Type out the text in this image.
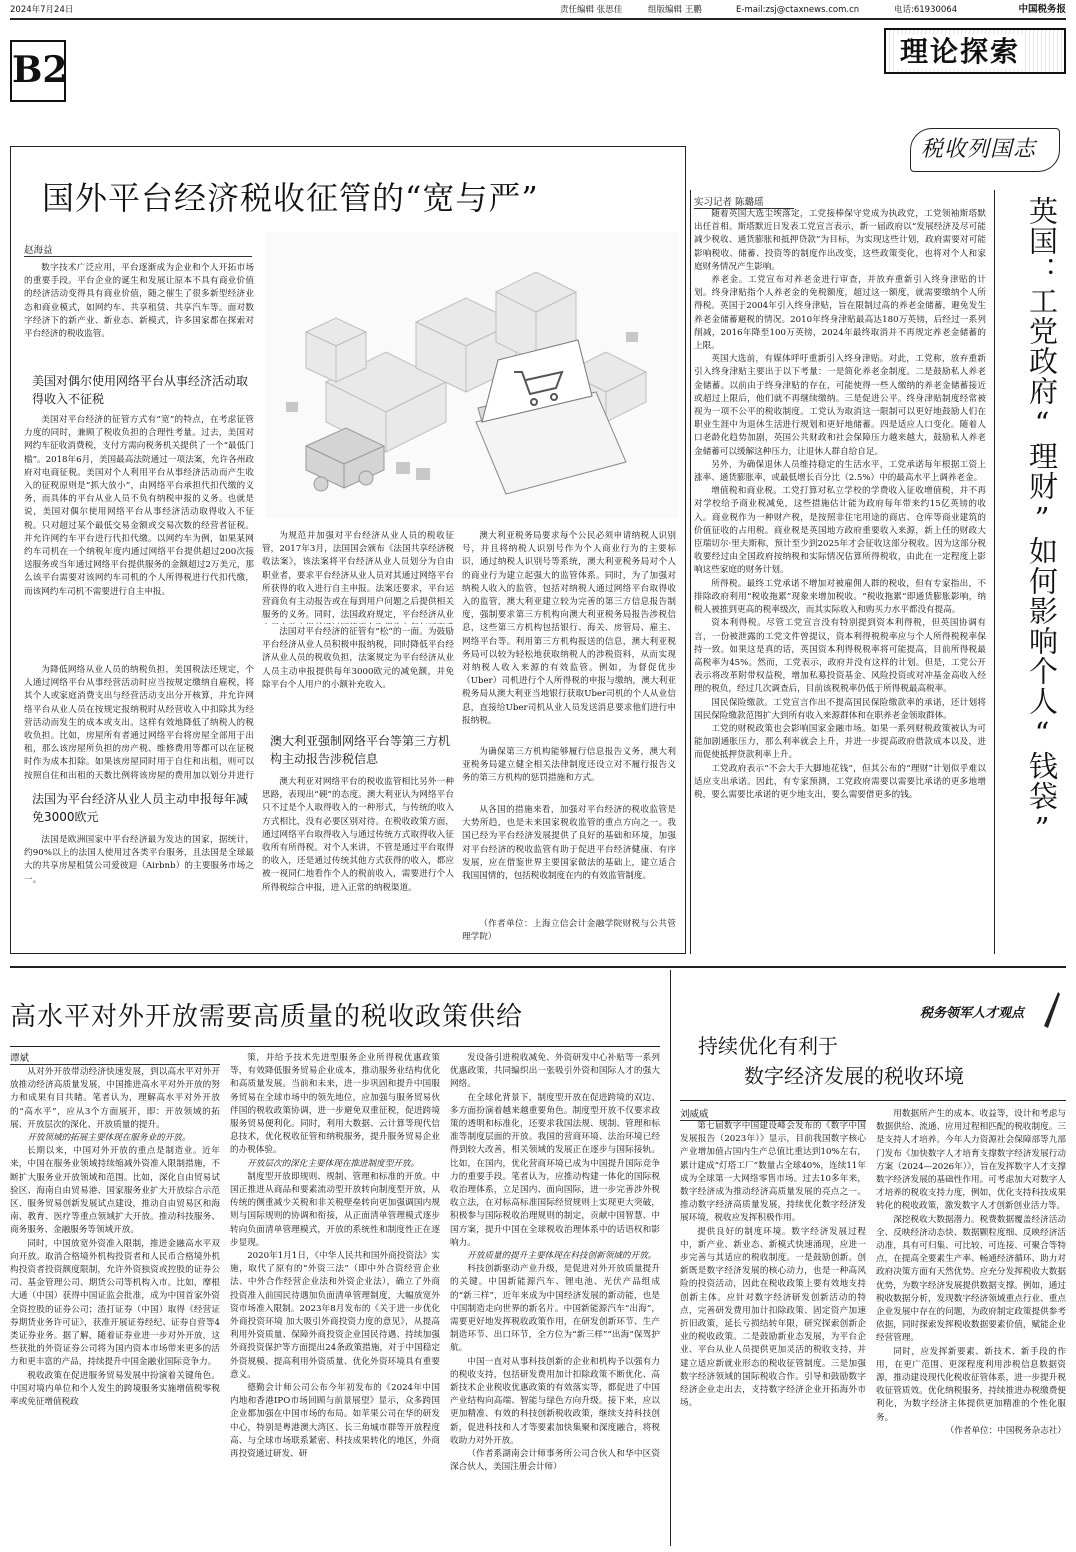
2024年7月24日	责任编辑 张思佳	组版编辑 王鹏	E-mail:zsj@ctaxnews.com.cn	电话:61930064	中国税务报
B2	理论探索
国外平台经济税收征管的“宽与严”
赵海益

数字技术广泛应用，平台逐渐成为企业和个人开拓市场的重要手段。平台企业的诞生和发展让原本不具有商业价值的经济活动变得具有商业价值，随之催生了很多新型经济业态和商业模式，如网约车、共享租赁、共享汽车等。面对数字经济下的新产业、新业态、新模式，许多国家都在探索对平台经济的税收监管。

美国对偶尔使用网络平台从事经济活动取得收入不征税

美国对平台经济的征管方式有“宽”的特点，在考虑征管力度的同时，兼顾了税收负担的合理性考量。过去，美国对网约车征收消费税，支付方需向税务机关提供了一个“最低门槛”。2018年6月，美国最高法院通过一项法案，允许各州政府对电商征税。美国对个人利用平台从事经济活动而产生收入的征税原则是“抓大放小”，由网络平台承担代扣代缴的义务，而具体的平台从业人员不负有纳税申报的义务。也就是说，美国对偶尔使用网络平台从事经济活动取得收入不征税。只对超过某个最低交易金额或交易次数的经营者征税。并允许网约车平台进行代扣代缴。以网约车为例，如果某网约车司机在一个纳税年度内通过网络平台提供超过200次接送服务或当年通过网络平台提供服务的金额超过2万美元，那么该平台需要对该网约车司机的个人所得税进行代扣代缴，而该网约车司机不需要进行自主申报。

为降低网络从业人员的纳税负担，美国税法还规定，个人通过网络平台从事经营活动时应当按规定缴纳自雇税，将其个人或家庭消费支出与经营活动支出分开核算，并允许网络平台从业人员在按规定报纳税时从经营收入中扣除其为经营活动而发生的成本或支出。这样有效地降低了纳税人的税收负担。比如，房屋所有者通过网络平台将房屋全部用于出租，那么该房屋所负担的房产税、维修费用等都可以在征税时作为成本扣除。如果该房屋同时用于自住和出租，则可以按照自住和出租的天数比例将该房屋的费用加以划分并进行

法国为平台经济从业人员主动申报每年减免3000欧元

法国是欧洲国家中平台经济最为发达的国家，据统计，约90%以上的法国人使用过各类平台服务，且法国是全球最大的共享房屋租赁公司爱彼迎（Airbnb）的主要服务市场之一。

为规范并加强对平台经济从业人员的税收征管，2017年3月，法国国会颁布《法国共享经济税收法案》，该法案将平台经济从业人员划分为自由职业者，要求平台经济从业人员对其通过网络平台所获得的收入进行自主申报。法案还要求，平台运营商负有主动报告或在每到用户问题之后提供相关服务的义务。同时，法国政府规定，平台经济从业

法国对平台经济的征管有“松”的一面。为鼓励平台经济从业人员积极申报纳税，同时降低平台经济从业人员的税收负担，法案规定为平台经济从业人员主动申报提供每年3000欧元的减免额，并免除平台个人用户的小额补充收入。

澳大利亚强制网络平台等第三方机构主动报告涉税信息

澳大利亚对网络平台的税收监管相比另外一种思路，表现出“硬”的态度。澳大利亚认为网络平台只不过是个人取得收入的一种形式，与传统的收入方式相比，没有必要区别对待。在税收政策方面，通过网络平台取得收入与通过传统方式取得收入征收所有所得税。对个人来讲，不管是通过平台取得的收入，还是通过传统其他方式获得的收入，都应被一视同仁地看作个人的税前收入，需要进行个人所得税综合申报，进入正常的纳税渠道。

澳大利亚税务局要求每个公民必须申请纳税人识别号，并且将纳税人识别号作为个人商业行为的主要标识，通过纳税人识别号等系统，澳大利亚税务局对个人的商业行为建立起强大的监管体系。同时，为了加强对纳税人收入的监管，包括对纳税人通过网络平台取得收入的监管，澳大利亚建立较为完善的第三方信息报告制度，强制要求第三方机构向澳大利亚税务局报告涉税信息，这些第三方机构包括银行、海关、房管局、雇主、网络平台等。利用第三方机构报送的信息，澳大利亚税务局可以较为轻松地获取纳税人的涉税资料，从而实现对纳税人收入来源的有效监管。例如，为督促优步（Uber）司机进行个人所得税的申报与缴纳，澳大利亚税务局从澳大利亚当地银行获取Uber司机的个人从业信息，直接给Uber司机从业人员发送消息要求他们进行申报纳税。

为确保第三方机构能够履行信息报告义务，澳大利亚税务局建立健全相关法律制度还设立对不履行报告义务的第三方机构的惩罚措施和方式。

从各国的措施来看，加强对平台经济的税收监管是大势所趋，也是未来国家税收监管的重点方向之一。我国已经为平台经济发展提供了良好的基础和环境，加强对平台经济的税收监管有助于促进平台经济健康、有序发展，应在借鉴世界主要国家做法的基础上，建立适合我国国情的，包括税收制度在内的有效监管制度。

（作者单位：上海立信会计金融学院财税与公共管理学院）

税收列国志
实习记者 陈璐瑶

随着英国大选尘埃落定，工党接棒保守党成为执政党，工党领袖斯塔默出任首相。斯塔默近日发表工党宣言表示，新一届政府以“发展经济及尽可能减少税收、通货膨胀和抵押贷款”为目标，为实现这些计划，政府需要对可能影响税收、储蓄、投资等的制度作出改变，这些政策变化，也将对个人和家庭财务情况产生影响。

养老金。工党宣布对养老金进行审查，并放弃重新引入终身津贴的计划。终身津贴指个人养老金的免税额度，超过这一额度，就需要缴纳个人所得税。英国于2004年引入终身津贴，旨在限制过高的养老金储蓄，避免发生养老金储蓄避税的情况。2010年终身津贴最高达180万英镑，后经过一系列削减，2016年降至100万英镑，2024年最终取消并不再规定养老金储蓄的上限。

英国大选前，有媒体呼吁重新引入终身津贴。对此，工党称，放弃重新引入终身津贴主要出于以下考量：一是简化养老金制度。二是鼓励私人养老金储蓄。以前由于终身津贴的存在，可能使得一些人缴纳的养老金储蓄接近或超过上限后，他们就不再继续缴纳。三是促进公平。终身津贴制度经常被视为一项不公平的税收制度。工党认为取消这一限制可以更好地鼓励人们在职业生涯中为退休生活进行规划和更好地储蓄。四是适应人口变化。随着人口老龄化趋势加剧，英国公共财政和社会保障压力越来越大，鼓励私人养老金储蓄可以缓解这种压力，让退休人群自给自足。

另外，为确保退休人员维持稳定的生活水平，工党承诺每年根据工资上涨率、通货膨胀率，或最低增长百分比（2.5%）中的最高水平上调养老金。

增值税和商业税。工党打算对私立学校的学费收入征收增值税，并不再对学校给予商业税减免，这些措施估计能为政府每年带来约15亿英镑的收入。商业税作为一种财产税，是按照非住宅用途的商店、仓库等商业建筑的价值征收的占用税。商业税是英国地方政府重要收入来源，新上任的财政大臣瑞切尔·里夫斯称，预计至少到2025年才会征收这部分税收。因为这部分税收要经过由全国政府按纳税和实际情况估算所得税收，由此在一定程度上影响这些家庭的财务计划。

所得税。最终工党承诺不增加对被雇佣人群的税收，但有专家指出，不排除政府利用“税收拖累”现象来增加税收。“税收拖累”即通货膨胀影响，纳税人被推到更高的税率级次，而其实际收入和购买力水平都没有提高。

资本利得税。尽管工党宣言没有特别提到资本利得税，但英国协调有言，一份被泄露的工党文件曾提议，资本利得税税率应与个人所得税税率保持一致。如果这是真的话，英国资本利得税税率将可能提高，目前所得税最高税率为45%。然而，工党表示，政府并没有这样的计划。但是，工党公开表示将改革附带权益税，增加私募投资基金、风险投资或对冲基金高收入经理的税负，经过几次调查后，目前该税税率仍低于所得税最高税率。

国民保险缴款。工党宣言作出不提高国民保险缴款率的承诺，还计划将国民保险缴款范围扩大到所有收入来源群体和在职养老金领取群体。

工党的财税政策也会影响国家金融市场。如果一系列财税政策被认为可能加剧通胀压力，那么利率就会上升，并进一步提高政府借款成本以及，进而促使抵押贷款利率上升。

工党政府表示“不会大手大脚地花钱”，但其公布的“理财”计划似乎难以适应支出承诺。因此，有专家预测，工党政府需要以需要比承诺的更多地增税，要么需要比承诺的更少地支出，要么需要借更多的钱。	英国：工党政府“理财”如何影响个人“钱袋”
高水平对外开放需要高质量的税收政策供给
谭斌

从对外开放带动经济快速发展，到以高水平对外开放推动经济高质量发展，中国推进高水平对外开放的努力和成果有目共睹。笔者认为，理解高水平对外开放的“高水平”，应从3个方面展开，即：开放领域的拓展、开放层次的深化、开放质量的提升。

开放领域的拓展主要体现在服务业的开放。

长期以来，中国对外开放的重点是制造业。近年来，中国在服务业领域持续缩减外资准入限制措施，不断扩大服务业开放领域和范围。比如，深化自由贸易试验区、海南自由贸易港、国家服务业扩大开放综合示范区、服务贸易创新发展试点建设，推动自由贸易区和海南、教育、医疗等重点领域扩大开放。推动科技服务、商务服务、金融服务等领域开放。

同时，中国放宽外资准入限制，推进金融高水平双向开放。取消合格境外机构投资者和人民币合格境外机构投资者投资额度限制，允许外资独资或控股的证券公司、基金管理公司、期货公司等机构入市。比如，摩根大通（中国）获得中国证监会批准，成为中国首家外资全资控股的证券公司；渣打证券（中国）取得《经营证券期货业务许可证》，获准开展证券经纪、证券自营等4类证券业务。据了解，随着证券业进一步对外开放，这些获批的外资证券公司将为国内资本市场带来更多的活力和更丰富的产品，持续提升中国金融业国际竞争力。

税收政策在促进服务贸易发展中扮演着关键角色。中国对境内单位和个人发生的跨境服务实施增值税零税率或免征增值税政

策，并给予技术先进型服务企业所得税优惠政策等，有效降低服务贸易企业成本，推动服务业结构优化和高质量发展。当前和未来，进一步巩固和提升中国服务贸易在全球市场中的领先地位，应加强与服务贸易伙伴国的税收政策协调，进一步避免双重征税，促进跨境服务贸易便利化。同时，利用大数据、云计算等现代信息技术，优化税收征管和纳税服务，提升服务贸易企业的办税体验。

开放层次的深化主要体现在推进制度型开放。

制度型开放即规则、规制、管理和标准的开放。中国正推进从商品和要素流动型开放转向制度型开放，从传统的侧重减少关税和非关税壁垒转向更加强调国内规则与国际规则的协调和衔接，从正面清单管理模式逐步转向负面清单管理模式，开放的系统性和制度性正在逐步显现。

2020年1月1日，《中华人民共和国外商投资法》实施，取代了原有的“外资三法”（即中外合资经营企业法、中外合作经营企业法和外资企业法），确立了外商投资准入前国民待遇加负面清单管理制度，大幅放宽外资市场准入限制。2023年8月发布的《关于进一步优化外商投资环境 加大吸引外商投资力度的意见》，从提高利用外资质量、保障外商投资企业国民待遇、持续加强外商投资保护等方面提出24条政策措施，对于中国稳定外资规模、提高利用外资质量、优化外资环境具有重要意义。

德勤会计师公司公布今年初发布的《2024年中国内地和香港IPO市场回顾与前景展望》显示，众多跨国企业都加强在中国市场的布局。如苹果公司在华的研发中心，特别是粤港澳大湾区、长三角城市群等开放程度高、与全球市场联系紧密、科技成果转化的地区，外商再投资通过研发、研

发设备引进税收减免、外资研发中心补贴等一系列优惠政策，共同编织出一张吸引外资和国际人才的强大网络。

在全球化背景下，制度型开放在促进跨境的双边、多方面扮演着越来越重要角色。制度型开放不仅要求政策的透明和标准化，还要求我国法规、规制、管理和标准等制度层面的开放。我国的营商环境、法治环境已经得到较大改善，相关领域的发展正在逐步与国际接轨。比如，在国内，优化营商环境已成为中国提升国际竞争力的重要手段。笔者认为，应推动构建一体化的国际税收治理体系，立足国内、面向国际，进一步完善涉外税收立法，在对标高标准国际经贸规则上实现更大突破，积极参与国际税收治理规则的制定，贡献中国智慧、中国方案，提升中国在全球税收治理体系中的话语权和影响力。

开放质量的提升主要体现在科技创新领域的开放。

科技创新驱动产业升级，是促进对外开放质量提升的关键。中国新能源汽车、锂电池、光伏产品组成的“新三样”，近年来成为中国经济发展的新动能，也是中国制造走向世界的新名片。中国新能源汽车“出海”，需要更好地发挥税收政策作用，在研发创新环节、生产制造环节、出口环节，全方位为“新三样”“出海”保驾护航。

中国一直对从事科技创新的企业和机构予以强有力的税收支持，包括研发费用加计扣除政策不断优化、高新技术企业税收优惠政策的有效落实等，都促进了中国产业结构向高端、智能与绿色方向升级。接下来，应以更加精准、有效的科技创新税收政策，继续支持科技创新，促进科技和人才等要素加快集聚和深度融合，将税收助力对外开放。

（作者系湖南会计师事务所公司合伙人和华中区资深合伙人，美国注册会计师）

税务领军人才观点
持续优化有利于
数字经济发展的税收环境
刘威威

第七届数字中国建设峰会发布的《数字中国发展报告（2023年）》显示，目前我国数字核心产业增加值占国内生产总值比重达到10%左右，累计建成“灯塔工厂”数量占全球40%，连续11年成为全球第一大网络零售市场。过去10多年来，数字经济成为推动经济高质量发展的亮点之一。推动数字经济高质量发展，持续优化数字经济发展环境，税收应发挥积极作用。

提供良好的制度环境。数字经济发展过程中，新产业、新业态、新模式快速涌现，应进一步完善与其适应的税收制度。一是鼓励创新。创新既是数字经济发展的核心动力，也是一种高风险的投资活动，因此在税收政策上要有效地支持创新主体。应针对数字经济研发创新活动的特点，完善研发费用加计扣除政策、固定资产加速折旧政策，延长亏损结转年限，研究探索创新企业的税收政策。二是鼓励新业态发展，为平台企业、平台从业人员提供更加灵活的税收支持，并建立适应新就业形态的税收征管制度。三是加强数字经济领域的国际税收合作。引导和鼓励数字经济企业走出去，支持数字经济企业开拓海外市场。

用数据所产生的成本、收益等，设计和考虑与数据供给、流通、应用过程相匹配的税收制度。三是支持人才培养。今年人力资源社会保障部等九部门发布《加快数字人才培育支撑数字经济发展行动方案（2024—2026年）》，旨在发挥数字人才支撑数字经济发展的基础性作用。可考虑加大对数字人才培养的税收支持力度，例如，优化支持科技成果转化的税收政策，激发数字人才创新创业活力等。

深挖税收大数据潜力。税费数据覆盖经济活动全、反映经济动态快、数据颗粒度细、反映经济活动准，具有可归集、可比较、可连接、可聚合等特点，在提高全要素生产率、畅通经济循环、助力对政府决策方面有天然优势。应充分发挥税收大数据优势，为数字经济发展提供数据支撑。例如，通过税收数据分析，发现数字经济领域重点行业、重点企业发展中存在的问题，为政府制定政策提供参考依据，同时探索发挥税收数据要素价值，赋能企业经营管理。

同时，应发挥新要素、新技术、新手段的作用，在更广范围、更深程度利用涉税信息数据资源，推动建设现代化税收征管体系，进一步提升税收征管质效。优化纳税服务，持续推进办税缴费便利化，为数字经济主体提供更加精准的个性化服务。

（作者单位：中国税务杂志社）
